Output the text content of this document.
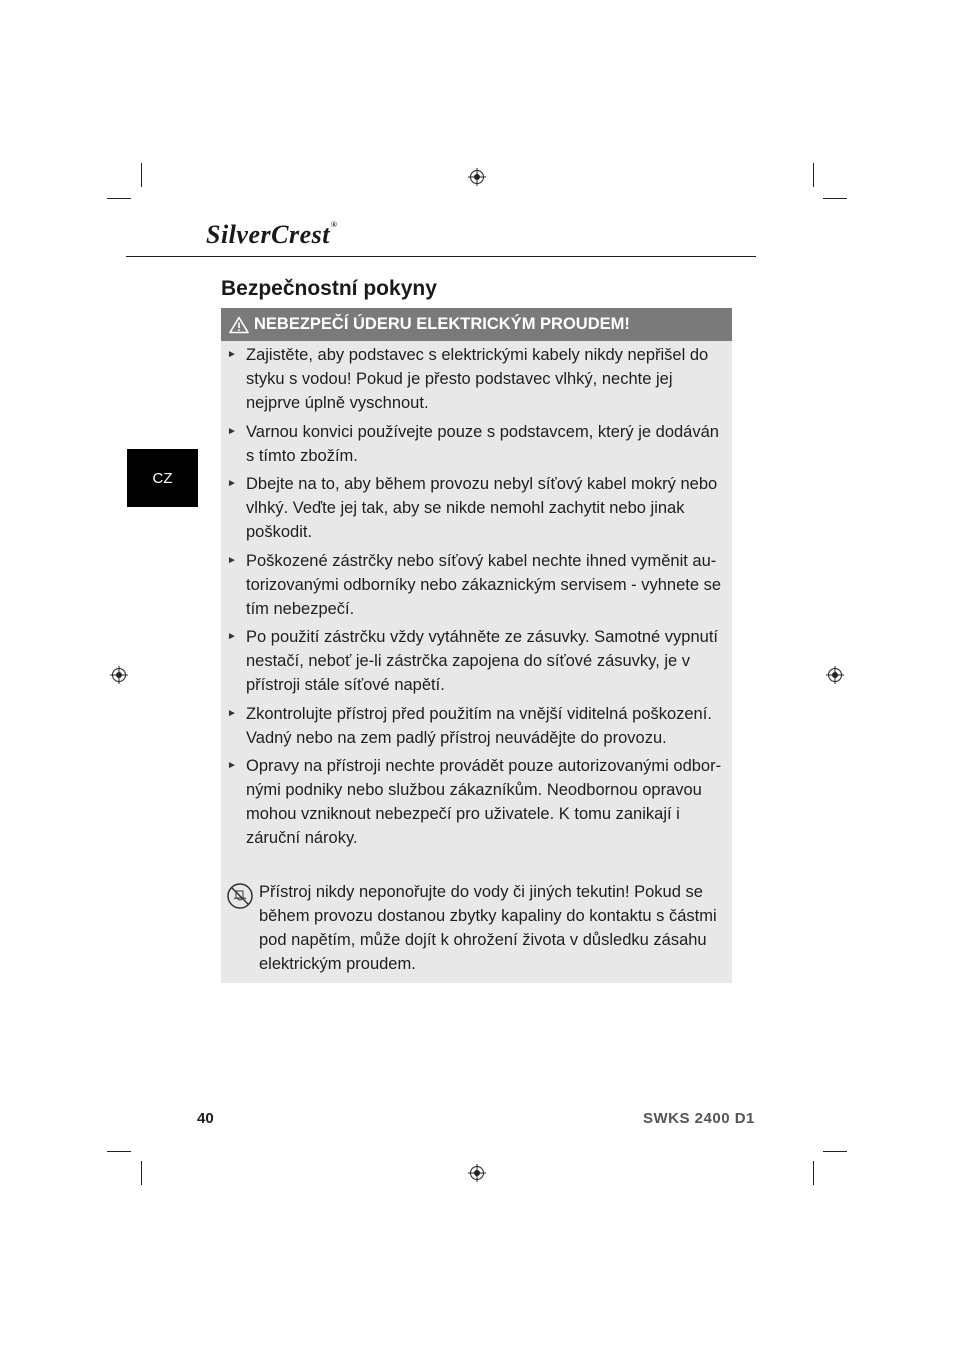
SilverCrest®
CZ
Bezpečnostní pokyny
NEBEZPEČÍ ÚDERU ELEKTRICKÝM PROUDEM!
► Zajistěte, aby podstavec s elektrickými kabely nikdy nepřišel do styku s vodou! Pokud je přesto podstavec vlhký, nechte jej nejprve úplně vyschnout.
► Varnou konvici používejte pouze s podstavcem, který je dodáván s tímto zbožím.
► Dbejte na to, aby během provozu nebyl síťový kabel mokrý nebo vlhký. Veďte jej tak, aby se nikde nemohl zachytit nebo jinak poškodit.
► Poškozené zástrčky nebo síťový kabel nechte ihned vyměnit au-torizovanými odborníky nebo zákaznickým servisem - vyhnete se tím nebezpečí.
► Po použití zástrčku vždy vytáhněte ze zásuvky. Samotné vypnutí nestačí, neboť je-li zástrčka zapojena do síťové zásuvky, je v přístroji stále síťové napětí.
► Zkontrolujte přístroj před použitím na vnější viditelná poškození. Vadný nebo na zem padlý přístroj neuvádějte do provozu.
► Opravy na přístroji nechte provádět pouze autorizovanými odbor-nými podniky nebo službou zákazníkům. Neodbornou opravou mohou vzniknout nebezpečí pro uživatele. K tomu zanikají i záruční nároky.
Přístroj nikdy neponořujte do vody či jiných tekutin! Pokud se během provozu dostanou zbytky kapaliny do kontaktu s částmi pod napětím, může dojít k ohrožení života v důsledku zásahu elektrickým proudem.
40	SWKS 2400 D1
